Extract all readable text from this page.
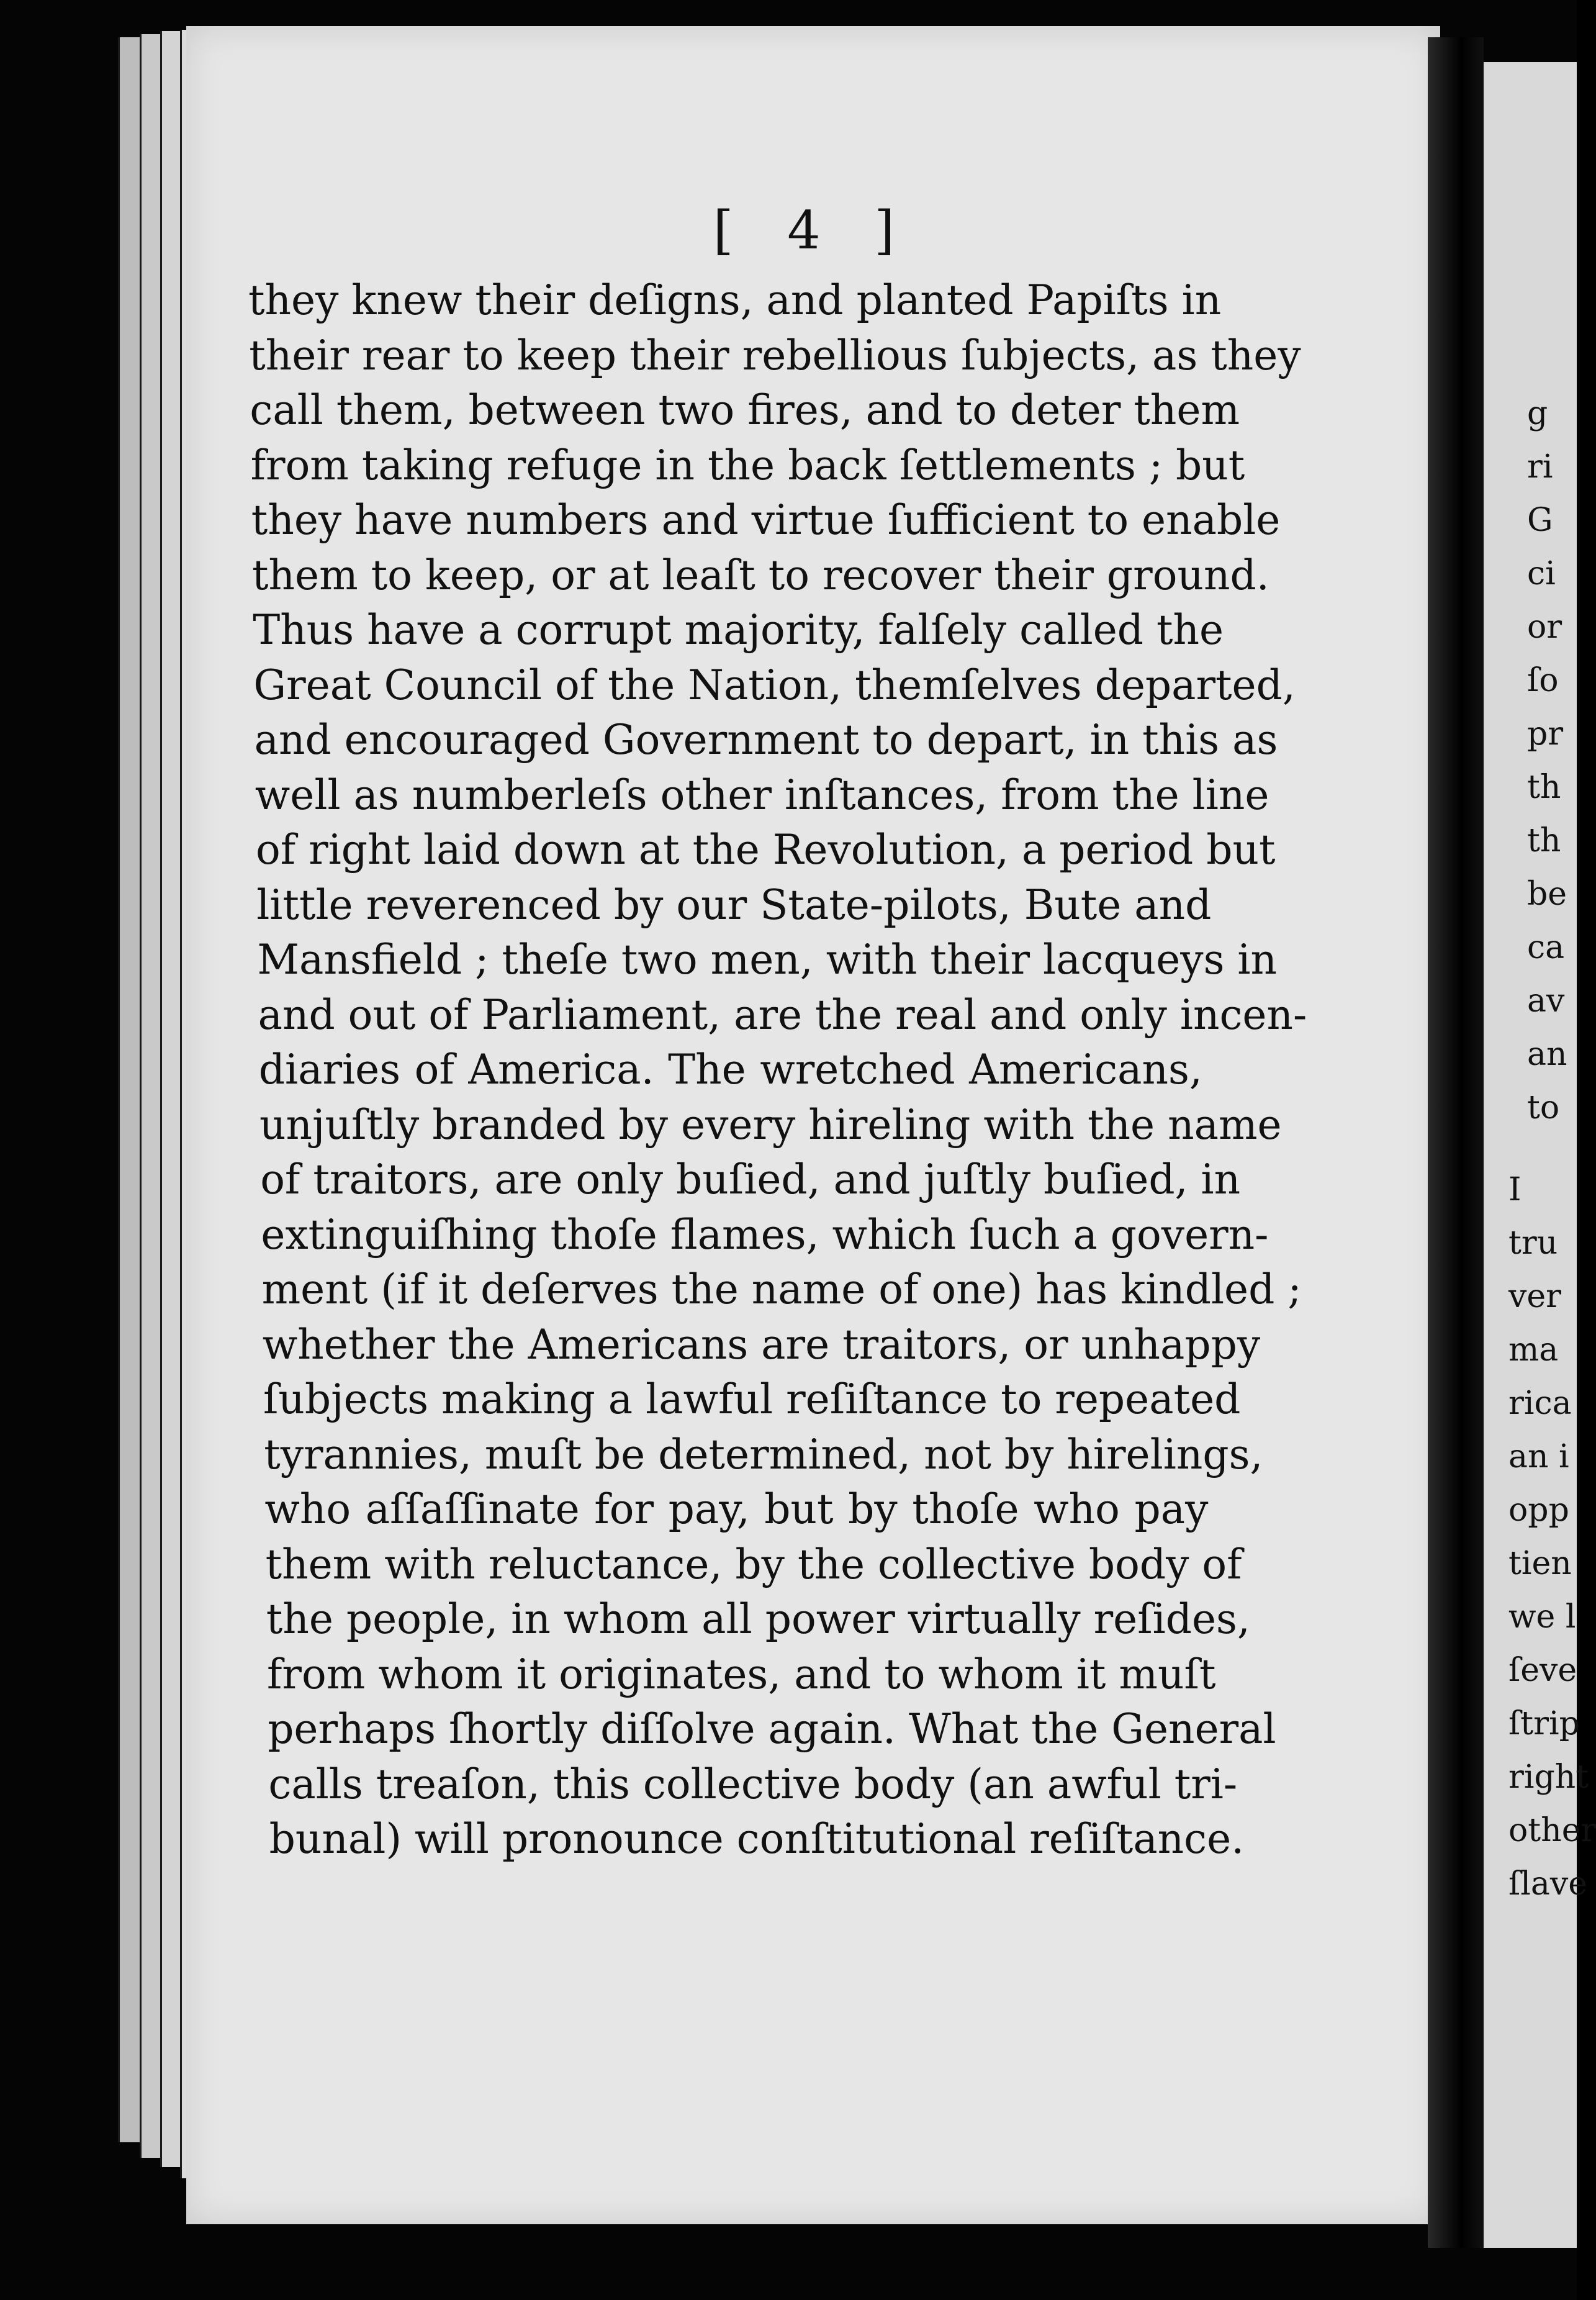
[ 4 ]
they knew their deſigns, and planted Papiſts in
their rear to keep their rebellious ſubjects, as they
call them, between two fires, and to deter them
from taking refuge in the back ſettlements ; but
they have numbers and virtue ſufficient to enable
them to keep, or at leaſt to recover their ground.
Thus have a corrupt majority, falſely called the
Great Council of the Nation, themſelves departed,
and encouraged Government to depart, in this as
well as numberleſs other inſtances, from the line
of right laid down at the Revolution, a period but
little reverenced by our State-pilots, Bute and
Mansfield ; theſe two men, with their lacqueys in
and out of Parliament, are the real and only incen-
diaries of America. The wretched Americans,
unjuſtly branded by every hireling with the name
of traitors, are only buſied, and juſtly buſied, in
extinguiſhing thoſe flames, which ſuch a govern-
ment (if it deſerves the name of one) has kindled ;
whether the Americans are traitors, or unhappy
ſubjects making a lawful reſiſtance to repeated
tyrannies, muſt be determined, not by hirelings,
who aſſaſſinate for pay, but by thoſe who pay
them with reluctance, by the collective body of
the people, in whom all power virtually reſides,
from whom it originates, and to whom it muſt
perhaps ſhortly diſſolve again. What the General
calls treaſon, this collective body (an awful tri-
bunal) will pronounce conſtitutional reſiſtance.
g
ri
G
ci
or
ſo
pr
th
th
be
ca
av
an
to
I
tru
ver
ma
rica
an i
opp
tien
we l
ſeve
ſtrip
right
other
ſlave
